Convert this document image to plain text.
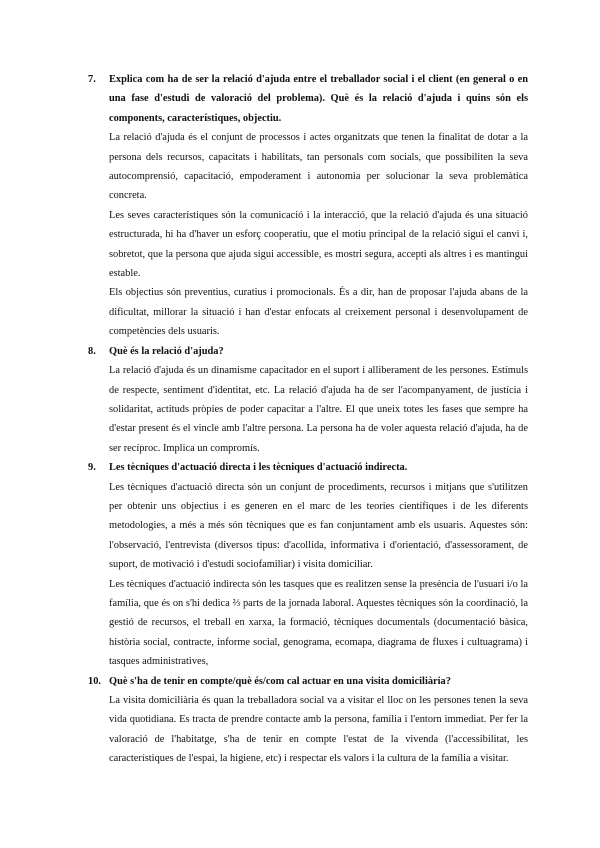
7. Explica com ha de ser la relació d'ajuda entre el treballador social i el client (en general o en una fase d'estudi de valoració del problema). Què és la relació d'ajuda i quins són els components, característiques, objectiu.

La relació d'ajuda és el conjunt de processos i actes organitzats que tenen la finalitat de dotar a la persona dels recursos, capacitats i habilitats, tan personals com socials, que possibiliten la seva autocomprensió, capacitació, empoderament i autonomia per solucionar la seva problemàtica concreta.

Les seves característiques són la comunicació i la interacció, que la relació d'ajuda és una situació estructurada, hi ha d'haver un esforç cooperatiu, que el motiu principal de la relació sigui el canvi i, sobretot, que la persona que ajuda sigui accessible, es mostri segura, accepti als altres i es mantingui estable.

Els objectius són preventius, curatius i promocionals. És a dir, han de proposar l'ajuda abans de la dificultat, millorar la situació i han d'estar enfocats al creixement personal i desenvolupament de competències dels usuaris.

8. Què és la relació d'ajuda?

La relació d'ajuda és un dinamisme capacitador en el suport i alliberament de les persones. Estímuls de respecte, sentiment d'identitat, etc. La relació d'ajuda ha de ser l'acompanyament, de justícia i solidaritat, actituds pròpies de poder capacitar a l'altre. El que uneix totes les fases que sempre ha d'estar present és el vincle amb l'altre persona. La persona ha de voler aquesta relació d'ajuda, ha de ser recíproc. Implica un compromís.

9. Les tècniques d'actuació directa i les tècniques d'actuació indirecta.

Les tècniques d'actuació directa són un conjunt de procediments, recursos i mitjans que s'utilitzen per obtenir uns objectius i es generen en el marc de les teories científiques i de les diferents metodologies, a més a més són tècniques que es fan conjuntament amb els usuaris. Aquestes són: l'observació, l'entrevista (diversos tipus: d'acollida, informativa i d'orientació, d'assessorament, de suport, de motivació i d'estudi sociofamiliar) i visita domiciliar.

Les tècniques d'actuació indirecta són les tasques que es realitzen sense la presència de l'usuari i/o la família, que és on s'hi dedica ⅔ parts de la jornada laboral. Aquestes tècniques són la coordinació, la gestió de recursos, el treball en xarxa, la formació, tècniques documentals (documentació bàsica, història social, contracte, informe social, genograma, ecomapa, diagrama de fluxes i cultuagrama) i tasques administratives,

10. Què s'ha de tenir en compte/què és/com cal actuar en una visita domiciliària?

La visita domiciliària és quan la treballadora social va a visitar el lloc on les persones tenen la seva vida quotidiana. Es tracta de prendre contacte amb la persona, família i l'entorn immediat. Per fer la valoració de l'habitatge, s'ha de tenir en compte l'estat de la vivenda (l'accessibilitat, les característiques de l'espai, la higiene, etc) i respectar els valors i la cultura de la família a visitar.
